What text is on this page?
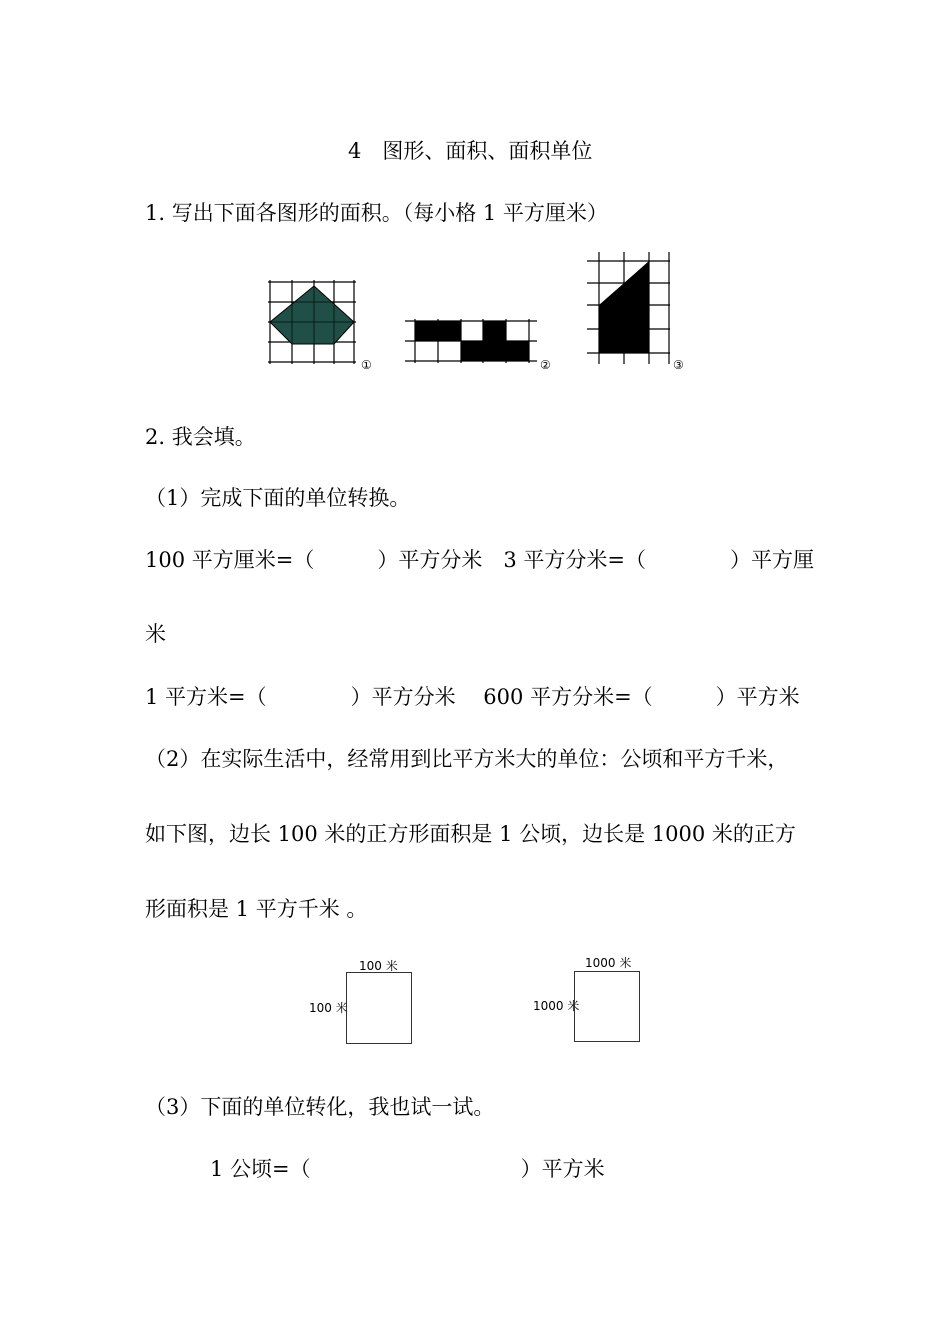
4　图形、面积、面积单位
1. 写出下面各图形的面积。（每小格 1 平方厘米）
①	②	③
2. 我会填。
（1）完成下面的单位转换。
100 平方厘米=（　　　）平方分米　3 平方分米=（　　　　）平方厘
米
1 平方米=（　　　　）平方分米　 600 平方分米=（　　　）平方米
（2）在实际生活中，经常用到比平方米大的单位：公顷和平方千米，
如下图，边长 100 米的正方形面积是 1 公顷，边长是 1000 米的正方
形面积是 1 平方千米 。
100 米
100 米
1000 米
1000 米
（3）下面的单位转化，我也试一试。
1 公顷=（　　　　　　　　　　）平方米
